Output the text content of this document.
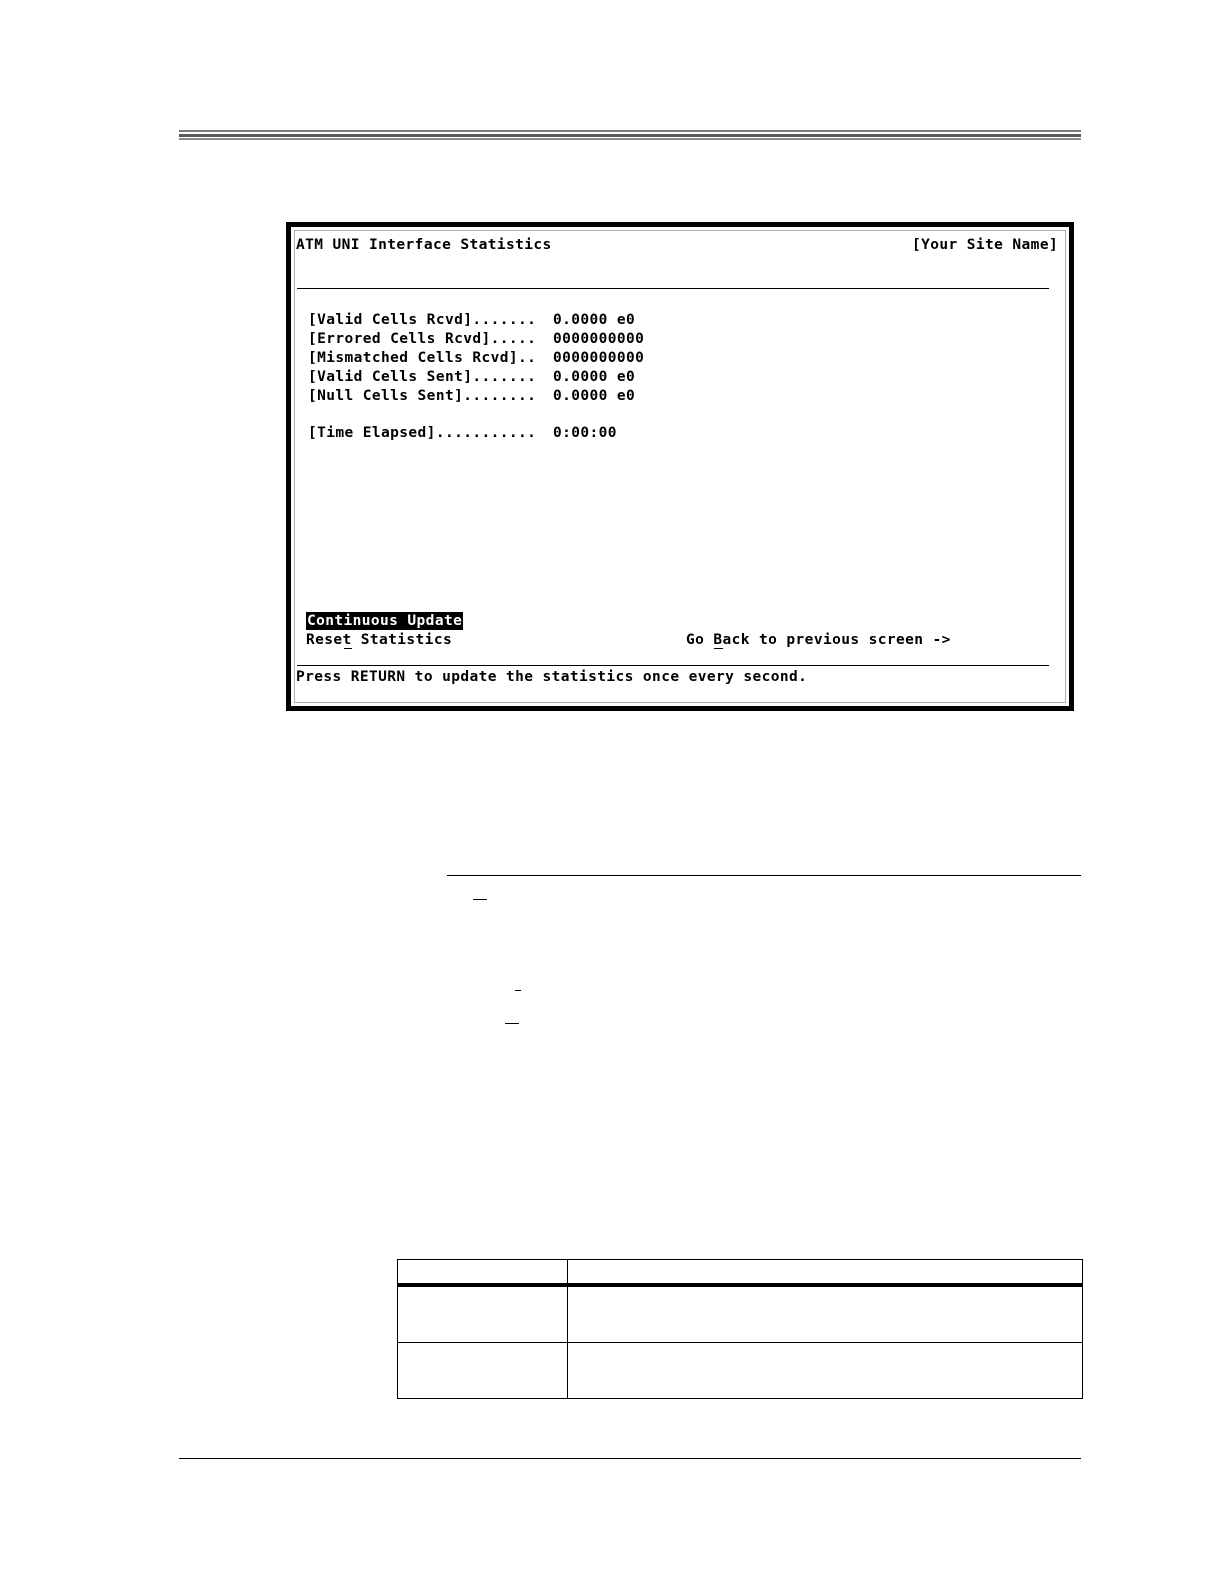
ATM UNI Interface Statistics	[Your Site Name]
[Valid Cells Rcvd]....... 0.0000 e0
[Errored Cells Rcvd]..... 0000000000
[Mismatched Cells Rcvd].. 0000000000
[Valid Cells Sent]....... 0.0000 e0
[Null Cells Sent]........ 0.0000 e0
[Time Elapsed]........... 0:00:00
Continuous Update
Reset Statistics	Go Back to previous screen ->
Press RETURN to update the statistics once every second.
